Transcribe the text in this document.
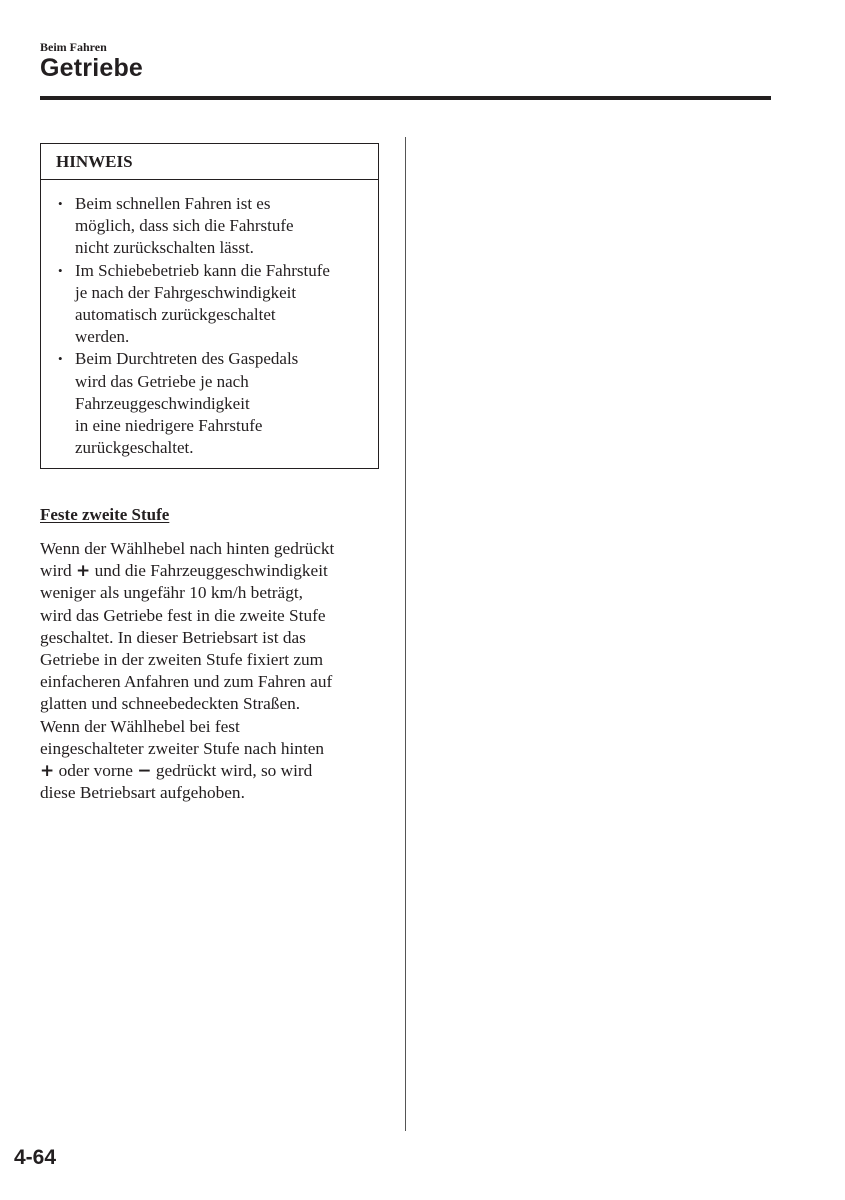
Beim Fahren
Getriebe
HINWEIS
• Beim schnellen Fahren ist es
möglich, dass sich die Fahrstufe
nicht zurückschalten lässt.
• Im Schiebebetrieb kann die Fahrstufe
je nach der Fahrgeschwindigkeit
automatisch zurückgeschaltet
werden.
• Beim Durchtreten des Gaspedals
wird das Getriebe je nach
Fahrzeuggeschwindigkeit
in eine niedrigere Fahrstufe
zurückgeschaltet.
Feste zweite Stufe
Wenn der Wählhebel nach hinten gedrückt
wird + und die Fahrzeuggeschwindigkeit
weniger als ungefähr 10 km/h beträgt,
wird das Getriebe fest in die zweite Stufe
geschaltet. In dieser Betriebsart ist das
Getriebe in der zweiten Stufe fixiert zum
einfacheren Anfahren und zum Fahren auf
glatten und schneebedeckten Straßen.
Wenn der Wählhebel bei fest
eingeschalteter zweiter Stufe nach hinten
+ oder vorne − gedrückt wird, so wird
diese Betriebsart aufgehoben.
4-64
